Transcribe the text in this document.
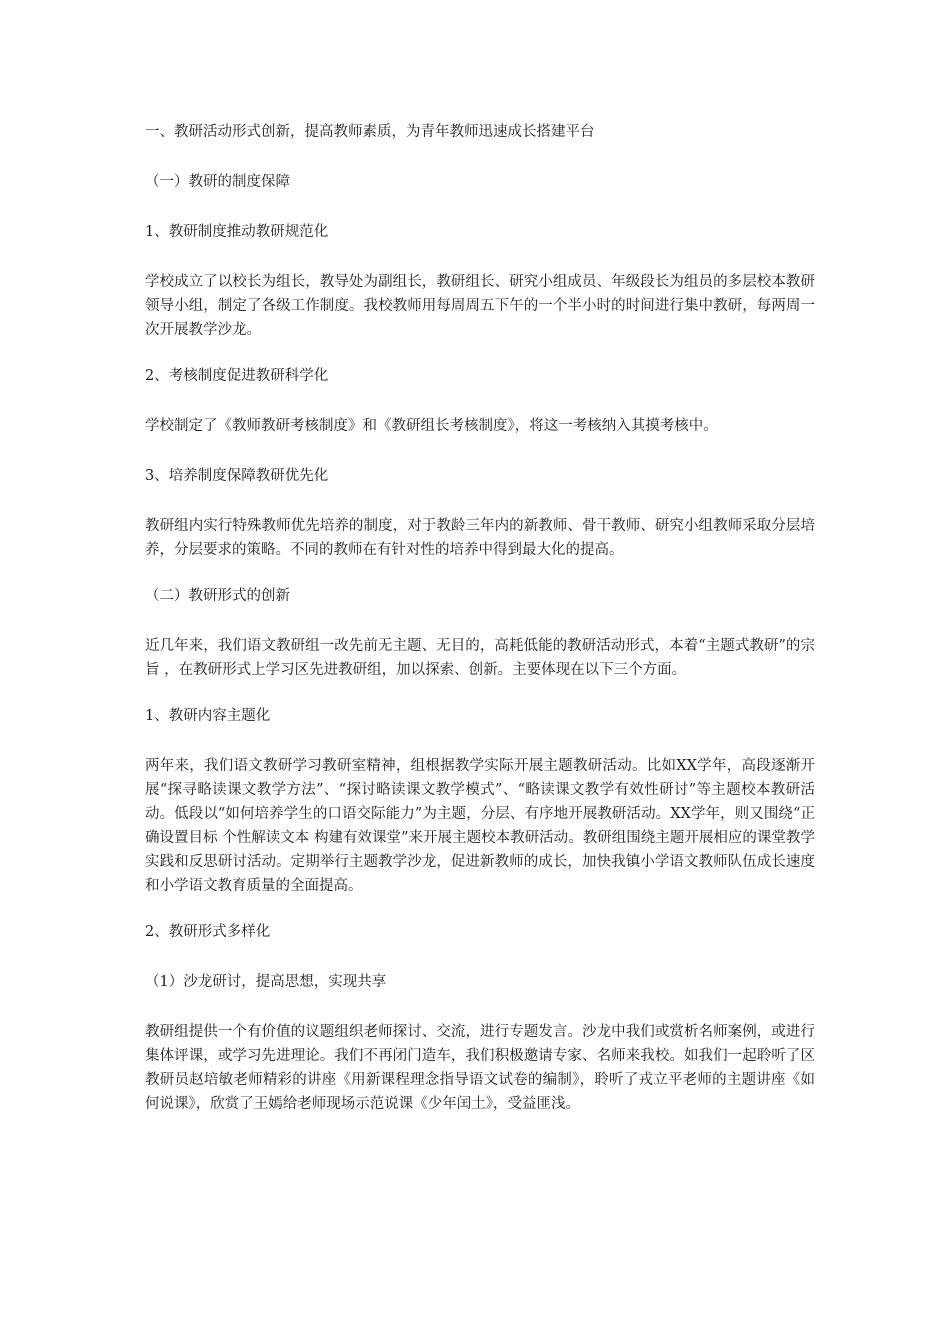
一、教研活动形式创新，提高教师素质，为青年教师迅速成长搭建平台

（一）教研的制度保障

1、教研制度推动教研规范化

学校成立了以校长为组长，教导处为副组长，教研组长、研究小组成员、年级段长为组员的多层校本教研领导小组，制定了各级工作制度。我校教师用每周周五下午的一个半小时的时间进行集中教研，每两周一次开展教学沙龙。

2、考核制度促进教研科学化

学校制定了《教师教研考核制度》和《教研组长考核制度》，将这一考核纳入其摸考核中。

3、培养制度保障教研优先化

教研组内实行特殊教师优先培养的制度，对于教龄三年内的新教师、骨干教师、研究小组教师采取分层培养，分层要求的策略。不同的教师在有针对性的培养中得到最大化的提高。

（二）教研形式的创新

近几年来，我们语文教研组一改先前无主题、无目的，高耗低能的教研活动形式，本着“主题式教研”的宗旨 ，在教研形式上学习区先进教研组，加以探索、创新。主要体现在以下三个方面。

1、教研内容主题化

两年来，我们语文教研学习教研室精神，组根据教学实际开展主题教研活动。比如XX学年，高段逐渐开展“探寻略读课文教学方法”、“探讨略读课文教学模式”、“略读课文教学有效性研讨”等主题校本教研活动。低段以“如何培养学生的口语交际能力”为主题，分层、有序地开展教研活动。XX学年，则又围绕“正确设置目标 个性解读文本 构建有效课堂”来开展主题校本教研活动。教研组围绕主题开展相应的课堂教学实践和反思研讨活动。定期举行主题教学沙龙，促进新教师的成长，加快我镇小学语文教师队伍成长速度和小学语文教育质量的全面提高。

2、教研形式多样化

（1）沙龙研讨，提高思想，实现共享

教研组提供一个有价值的议题组织老师探讨、交流，进行专题发言。沙龙中我们或赏析名师案例，或进行集体评课，或学习先进理论。我们不再闭门造车，我们积极邀请专家、名师来我校。如我们一起聆听了区教研员赵培敏老师精彩的讲座《用新课程理念指导语文试卷的编制》，聆听了戎立平老师的主题讲座《如何说课》，欣赏了王嫣给老师现场示范说课《少年闰土》，受益匪浅。
